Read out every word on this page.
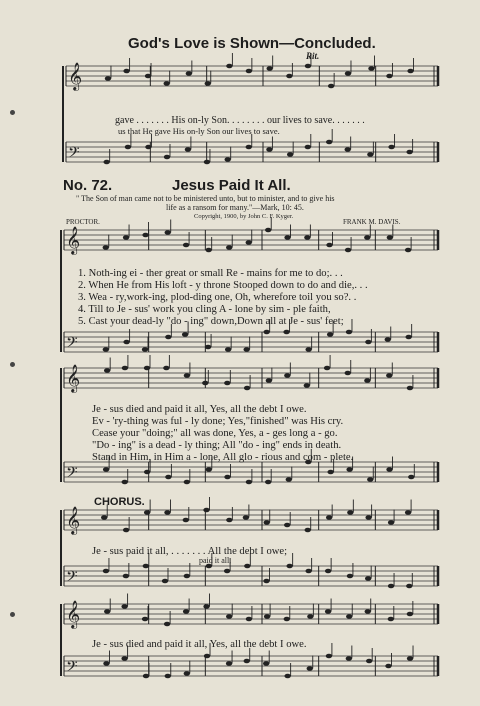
𝄞
𝄢
𝄞
𝄢
𝄞
𝄢
𝄞
𝄢
𝄞
𝄢
God's Love is Shown—Concluded.
Rit.
gave . . . . . . . His on-ly Son. . . . . . . . our lives to save. . . . . . .
us that He gave His on-ly Son our lives to save.
No. 72.	Jesus Paid It All.
" The Son of man came not to be ministered unto, but to minister, and to give his
life as a ransom for many."—Mark, 10: 45.
Copyright, 1900, by John C. F. Kyger.
PROCTOR.	FRANK M. DAVIS.
1. Noth-ing ei - ther great or small Re - mains for me to do;. . .
2. When He from His loft - y throne Stooped down to do and die,. . .
3. Wea - ry,work-ing, plod-ding one, Oh, wherefore toil you so?. .
4. Till to Je - sus' work you cling A - lone by sim - ple faith,
5. Cast your dead-ly "do - ing" down,Down all at Je - sus' feet;
Je - sus died and paid it all, Yes, all the debt I owe.
Ev - 'ry-thing was ful - ly done; Yes,"finished" was His cry.
Cease your "doing;" all was done, Yes, a - ges long a - go.
"Do - ing" is a dead - ly thing; All "do - ing" ends in death.
Stand in Him, in Him a - lone, All glo - rious and com - plete.
CHORUS.
Je - sus paid it all, . . . . . . . All the debt I owe;
paid it all,
Je - sus died and paid it all, Yes, all the debt I owe.
